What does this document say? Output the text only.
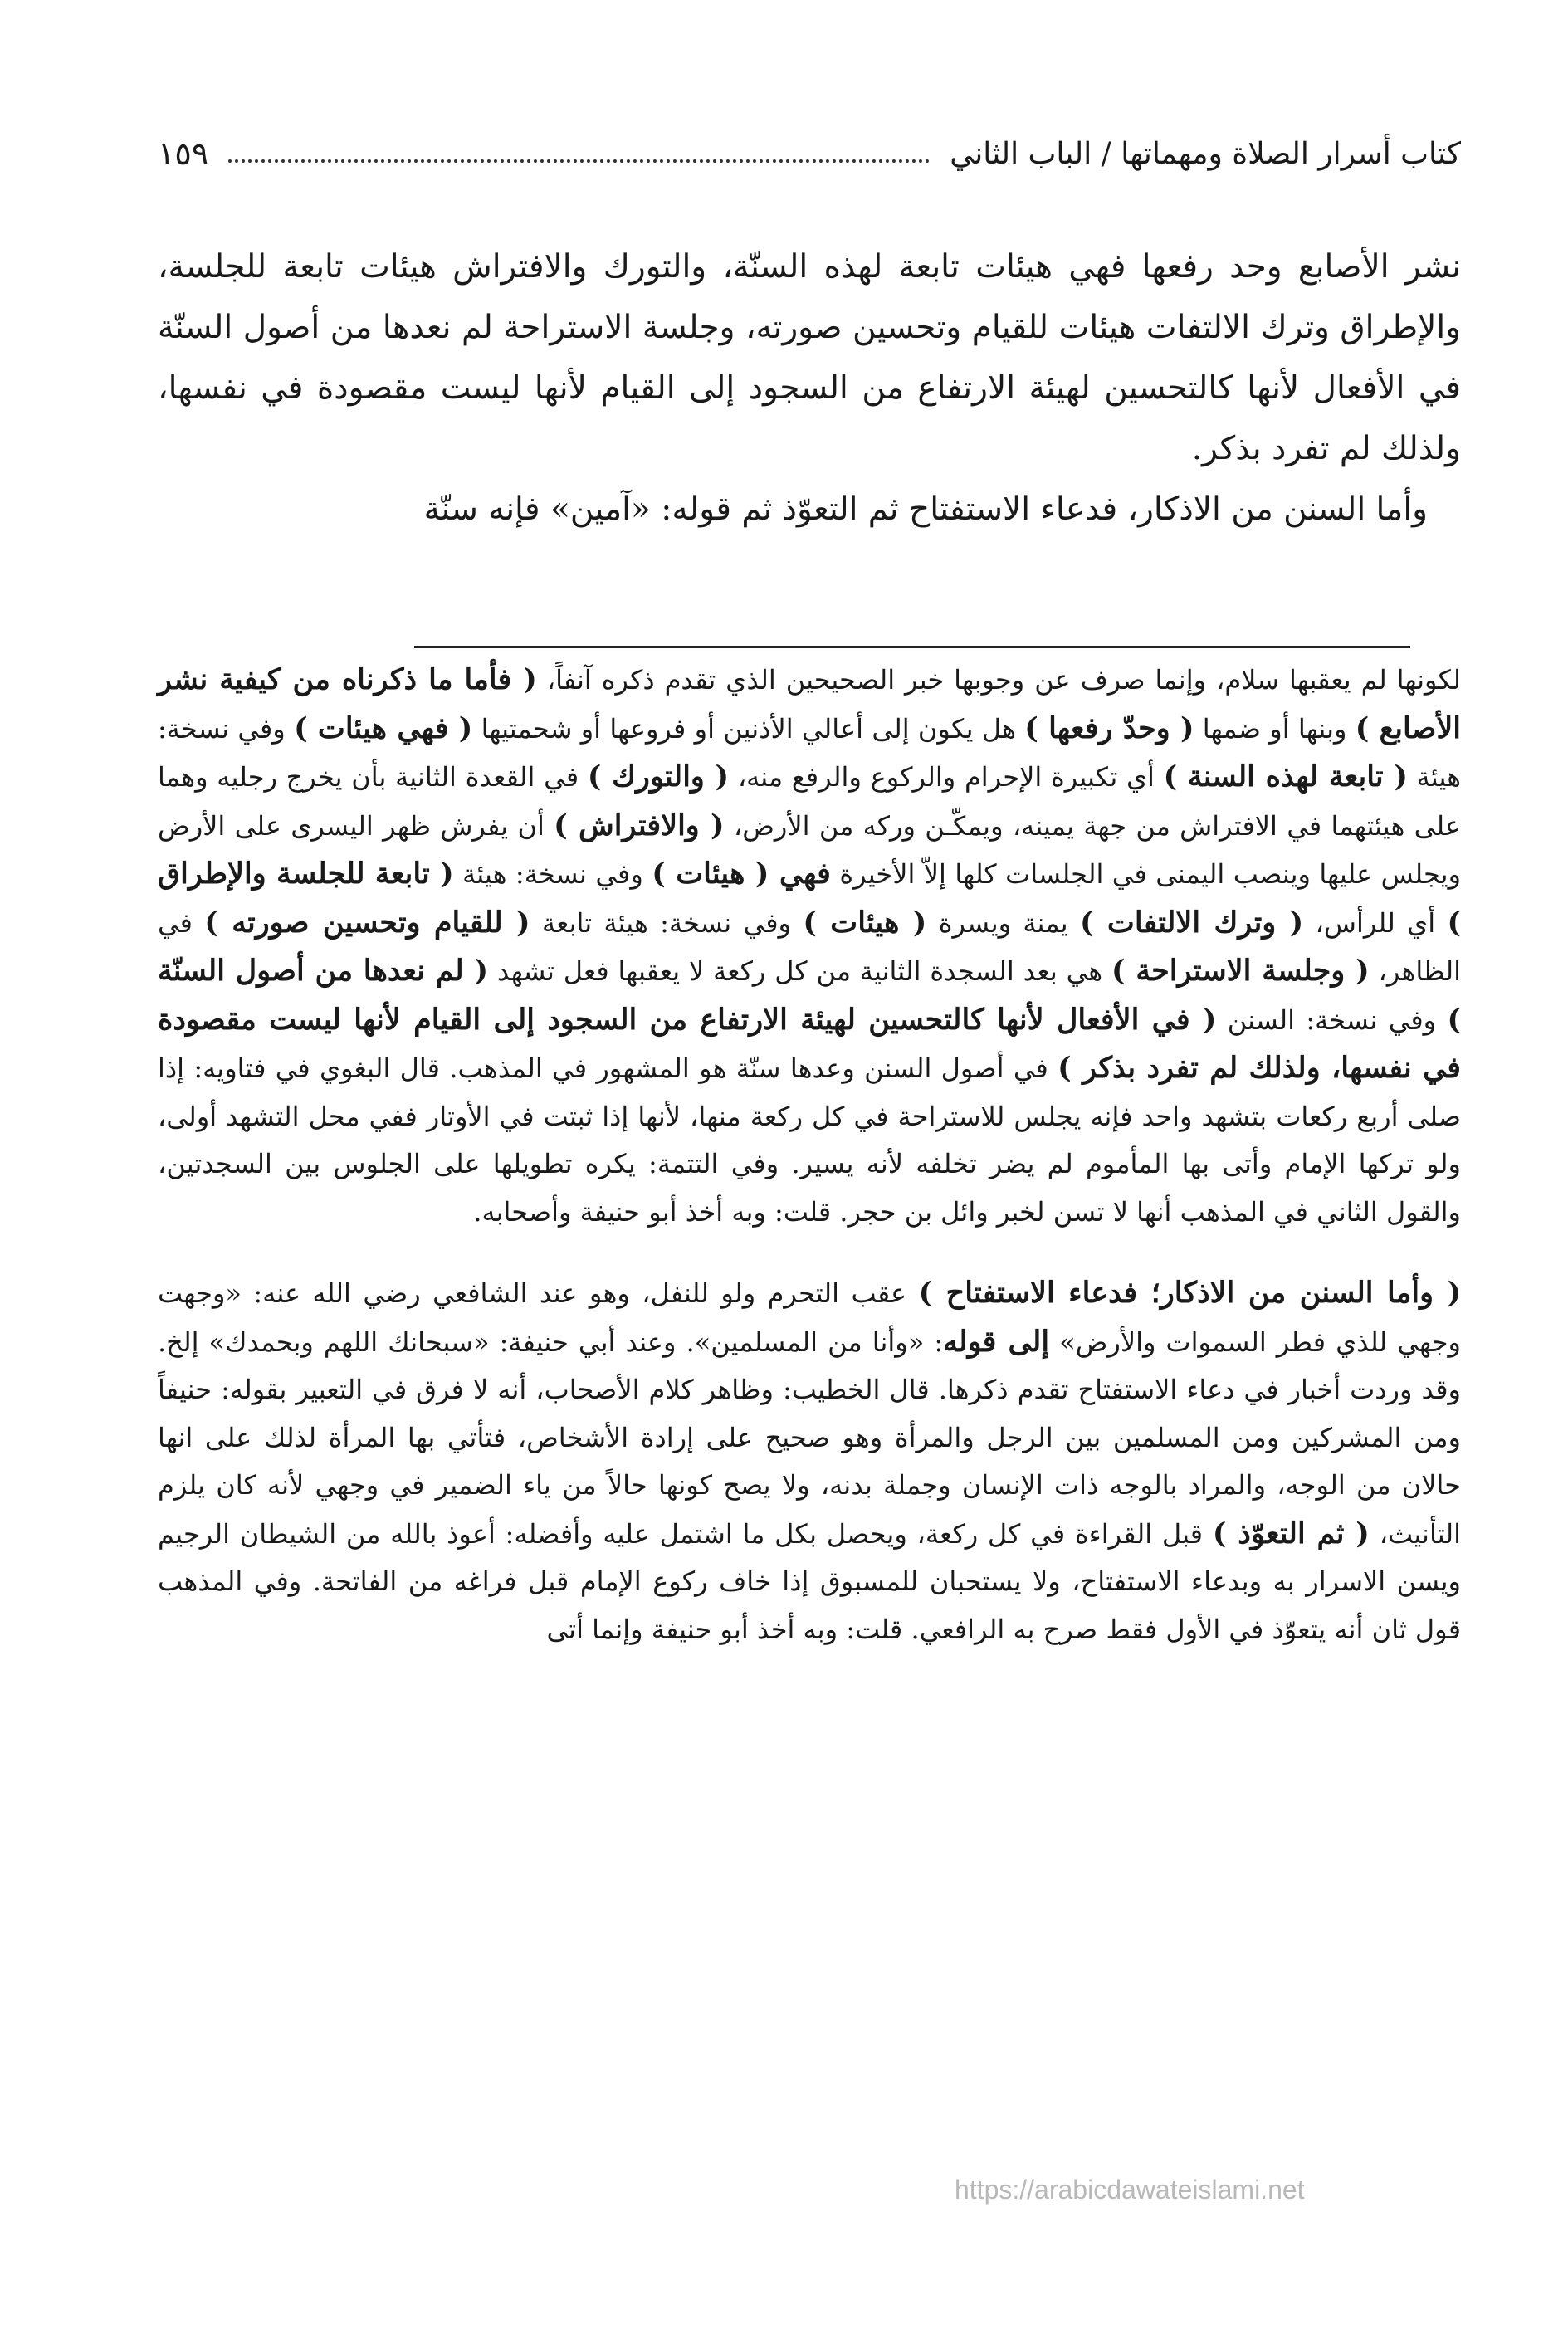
كتاب أسرار الصلاة ومهماتها / الباب الثاني
١٥٩

نشر الأصابع وحد رفعها فهي هيئات تابعة لهذه السنّة، والتورك والافتراش هيئات تابعة للجلسة، والإطراق وترك الالتفات هيئات للقيام وتحسين صورته، وجلسة الاستراحة لم نعدها من أصول السنّة في الأفعال لأنها كالتحسين لهيئة الارتفاع من السجود إلى القيام لأنها ليست مقصودة في نفسها، ولذلك لم تفرد بذكر.

وأما السنن من الاذكار، فدعاء الاستفتاح ثم التعوّذ ثم قوله: «آمين» فإنه سنّة

لكونها لم يعقبها سلام، وإنما صرف عن وجوبها خبر الصحيحين الذي تقدم ذكره آنفاً، ( فأما ما ذكرناه من كيفية نشر الأصابع ) وبنها أو ضمها ( وحدّ رفعها ) هل يكون إلى أعالي الأذنين أو فروعها أو شحمتيها ( فهي هيئات ) وفي نسخة: هيئة ( تابعة لهذه السنة ) أي تكبيرة الإحرام والركوع والرفع منه، ( والتورك ) في القعدة الثانية بأن يخرج رجليه وهما على هيئتهما في الافتراش من جهة يمينه، ويمكّـن وركه من الأرض، ( والافتراش ) أن يفرش ظهر اليسرى على الأرض ويجلس عليها وينصب اليمنى في الجلسات كلها إلاّ الأخيرة فهي ( هيئات ) وفي نسخة: هيئة ( تابعة للجلسة والإطراق ) أي للرأس، ( وترك الالتفات ) يمنة ويسرة ( هيئات ) وفي نسخة: هيئة تابعة ( للقيام وتحسين صورته ) في الظاهر، ( وجلسة الاستراحة ) هي بعد السجدة الثانية من كل ركعة لا يعقبها فعل تشهد ( لم نعدها من أصول السنّة ) وفي نسخة: السنن ( في الأفعال لأنها كالتحسين لهيئة الارتفاع من السجود إلى القيام لأنها ليست مقصودة في نفسها، ولذلك لم تفرد بذكر ) في أصول السنن وعدها سنّة هو المشهور في المذهب. قال البغوي في فتاويه: إذا صلى أربع ركعات بتشهد واحد فإنه يجلس للاستراحة في كل ركعة منها، لأنها إذا ثبتت في الأوتار ففي محل التشهد أولى، ولو تركها الإمام وأتى بها المأموم لم يضر تخلفه لأنه يسير. وفي التتمة: يكره تطويلها على الجلوس بين السجدتين، والقول الثاني في المذهب أنها لا تسن لخبر وائل بن حجر. قلت: وبه أخذ أبو حنيفة وأصحابه.

( وأما السنن من الاذكار؛ فدعاء الاستفتاح ) عقب التحرم ولو للنفل، وهو عند الشافعي رضي الله عنه: «وجهت وجهي للذي فطر السموات والأرض» إلى قوله: «وأنا من المسلمين». وعند أبي حنيفة: «سبحانك اللهم وبحمدك» إلخ. وقد وردت أخبار في دعاء الاستفتاح تقدم ذكرها. قال الخطيب: وظاهر كلام الأصحاب، أنه لا فرق في التعبير بقوله: حنيفاً ومن المشركين ومن المسلمين بين الرجل والمرأة وهو صحيح على إرادة الأشخاص، فتأتي بها المرأة لذلك على انها حالان من الوجه، والمراد بالوجه ذات الإنسان وجملة بدنه، ولا يصح كونها حالاً من ياء الضمير في وجهي لأنه كان يلزم التأنيث، ( ثم التعوّذ ) قبل القراءة في كل ركعة، ويحصل بكل ما اشتمل عليه وأفضله: أعوذ بالله من الشيطان الرجيم ويسن الاسرار به وبدعاء الاستفتاح، ولا يستحبان للمسبوق إذا خاف ركوع الإمام قبل فراغه من الفاتحة. وفي المذهب قول ثان أنه يتعوّذ في الأول فقط صرح به الرافعي. قلت: وبه أخذ أبو حنيفة وإنما أتى

https://arabicdawateislami.net
